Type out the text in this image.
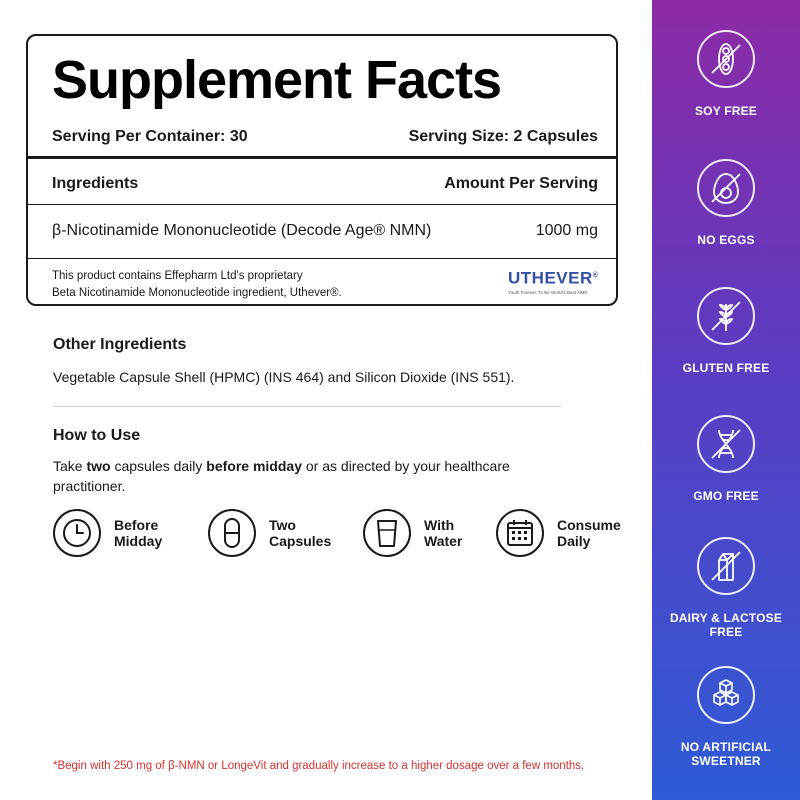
Supplement Facts
Serving Per Container: 30	Serving Size: 2 Capsules
Ingredients	Amount Per Serving
β-Nicotinamide Mononucleotide (Decode Age® NMN)	1000 mg
This product contains Effepharm Ltd's proprietary
Beta Nicotinamide Mononucleotide ingredient, Uthever®.
UTHEVER®
Youth Forever, To Be World's Best NMN
Other Ingredients
Vegetable Capsule Shell (HPMC) (INS 464) and Silicon Dioxide (INS 551).
How to Use
Take two capsules daily before midday or as directed by your healthcare practitioner.
Before
Midday
Two
Capsules
With
Water
Consume
Daily
*Begin with 250 mg of β-NMN or LongeVit and gradually increase to a higher dosage over a few months.
SOY FREE
NO EGGS
GLUTEN FREE
GMO FREE
DAIRY & LACTOSE
FREE
NO ARTIFICIAL
SWEETNER
